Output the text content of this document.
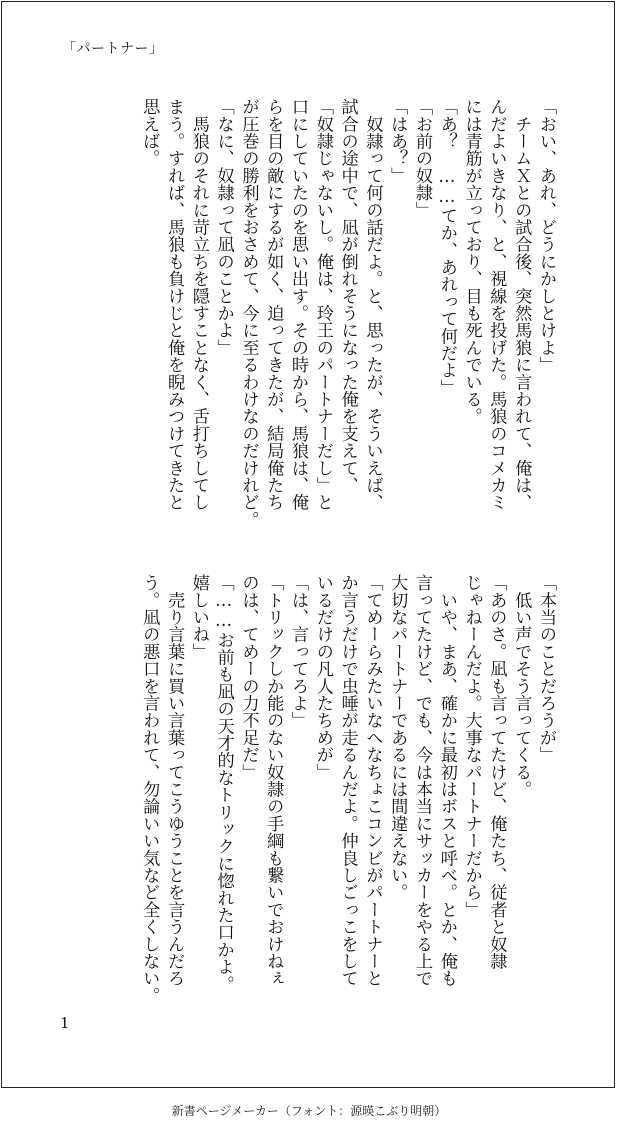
「パートナー」

「おい、あれ、どうにかしとけよ」

　チームＸとの試合後、突然馬狼に言われて、俺は、

んだよいきなり、と、視線を投げた。馬狼のコメカミ

には青筋が立っており、目も死んでいる。

「あ？　……てか、あれって何だよ」

「お前の奴隷」

「はあ？」

　奴隷って何の話だよ。と、思ったが、そういえば、

試合の途中で、凪が倒れそうになった俺を支えて、

「奴隷じゃないし。俺は、玲王のパートナーだし」と

口にしていたのを思い出す。その時から、馬狼は、俺

らを目の敵にするが如く、迫ってきたが、結局俺たち

が圧巻の勝利をおさめて、今に至るわけなのだけれど。

「なに、奴隷って凪のことかよ」

　馬狼のそれに苛立ちを隠すことなく、舌打ちしてし

まう。すれば、馬狼も負けじと俺を睨みつけてきたと

思えば。

「本当のことだろうが」

　低い声でそう言ってくる。

「あのさ。凪も言ってたけど、俺たち、従者と奴隷

じゃねーんだよ。大事なパートナーだから」

　いや、まあ、確かに最初はボスと呼べ。とか、俺も

言ってたけど、でも、今は本当にサッカーをやる上で

大切なパートナーであるには間違えない。

「てめーらみたいなへなちょこコンビがパートナーと

か言うだけで虫唾が走るんだよ。仲良しごっこをして

いるだけの凡人たちめが」

「は、言ってろよ」

「トリックしか能のない奴隷の手綱も繋いでおけねぇ

のは、てめーの力不足だ」

「……お前も凪の天才的なトリックに惚れた口かよ。

嬉しいね」

　売り言葉に買い言葉ってこうゆうことを言うんだろ

う。凪の悪口を言われて、勿論いい気など全くしない。

1
新書ページメーカー（フォント：源暎こぶり明朝）
